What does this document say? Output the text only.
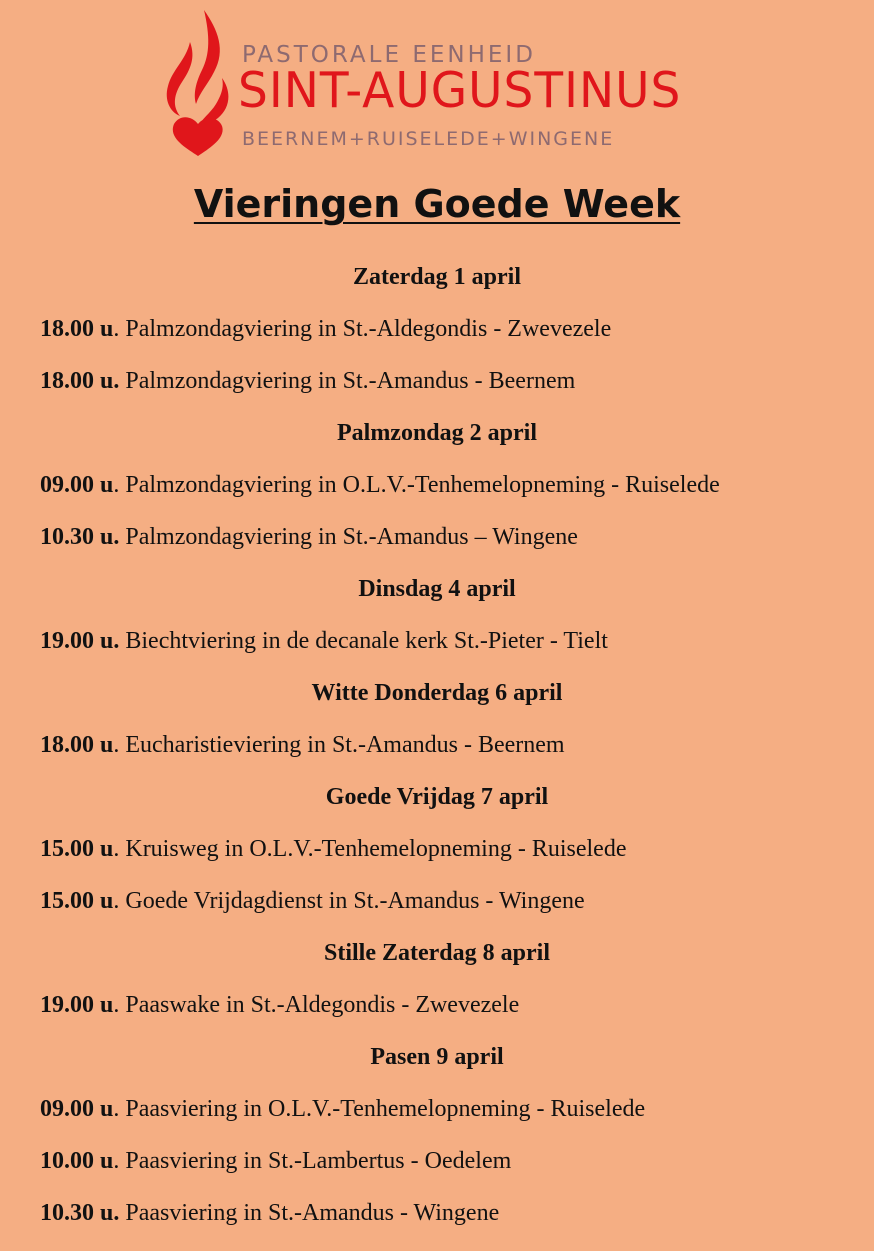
PASTORALE EENHEID
SINT-AUGUSTINUS
BEERNEM+RUISELEDE+WINGENE
Vieringen Goede Week
Zaterdag 1 april
18.00 u. Palmzondagviering in St.-Aldegondis - Zwevezele
18.00 u. Palmzondagviering in St.-Amandus - Beernem
Palmzondag 2 april
09.00 u. Palmzondagviering in O.L.V.-Tenhemelopneming - Ruiselede
10.30 u. Palmzondagviering in St.-Amandus – Wingene
Dinsdag 4 april
19.00 u. Biechtviering in de decanale kerk St.-Pieter - Tielt
Witte Donderdag 6 april
18.00 u. Eucharistieviering in St.-Amandus - Beernem
Goede Vrijdag 7 april
15.00 u. Kruisweg in O.L.V.-Tenhemelopneming - Ruiselede
15.00 u. Goede Vrijdagdienst in St.-Amandus - Wingene
Stille Zaterdag 8 april
19.00 u. Paaswake in St.-Aldegondis - Zwevezele
Pasen 9 april
09.00 u. Paasviering in O.L.V.-Tenhemelopneming - Ruiselede
10.00 u. Paasviering in St.-Lambertus - Oedelem
10.30 u. Paasviering in St.-Amandus - Wingene
